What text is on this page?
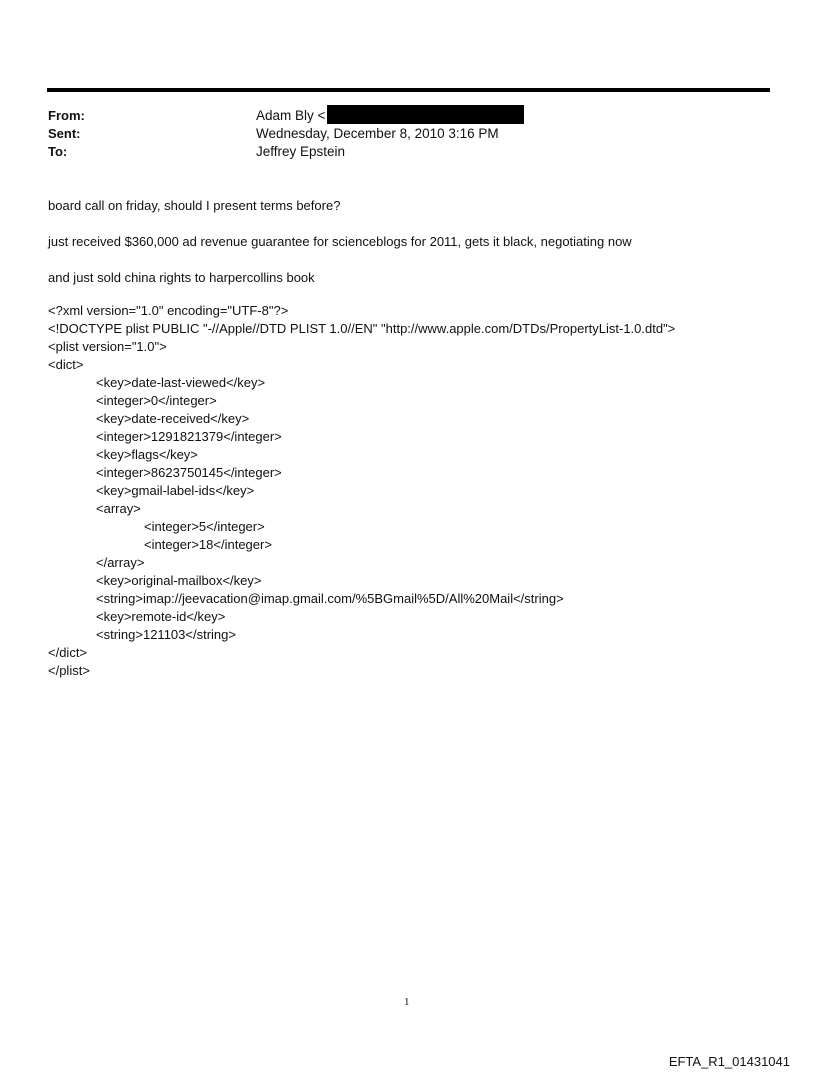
From:	Adam Bly <
Sent:	Wednesday, December 8, 2010 3:16 PM
To:	Jeffrey Epstein
board call on friday, should I present terms before?
just received $360,000 ad revenue guarantee for scienceblogs for 2011, gets it black, negotiating now
and just sold china rights to harpercollins book
<?xml version="1.0" encoding="UTF-8"?>
<!DOCTYPE plist PUBLIC "-//Apple//DTD PLIST 1.0//EN" "http://www.apple.com/DTDs/PropertyList-1.0.dtd">
<plist version="1.0">
<dict>
<key>date-last-viewed</key>
<integer>0</integer>
<key>date-received</key>
<integer>1291821379</integer>
<key>flags</key>
<integer>8623750145</integer>
<key>gmail-label-ids</key>
<array>
<integer>5</integer>
<integer>18</integer>
</array>
<key>original-mailbox</key>
<string>imap://jeevacation@imap.gmail.com/%5BGmail%5D/All%20Mail</string>
<key>remote-id</key>
<string>121103</string>
</dict>
</plist>
1
EFTA_R1_01431041
